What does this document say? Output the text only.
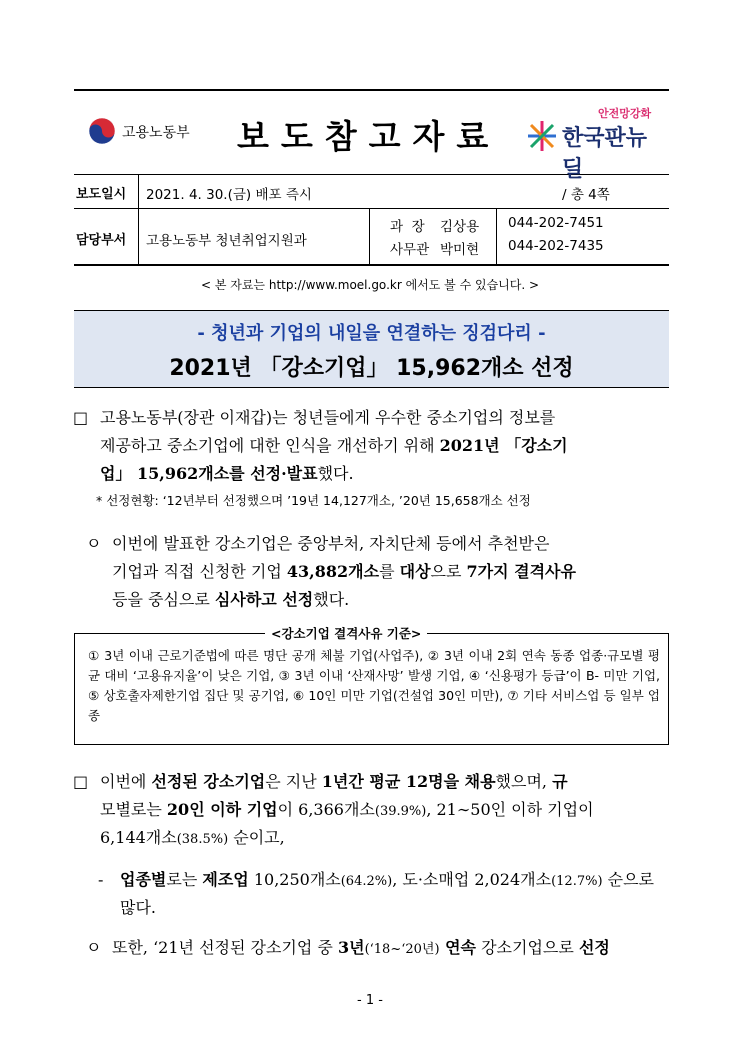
고용노동부 보도참고자료
안전망강화
한국판뉴딜
보도일시 2021. 4. 30.(금) 배포 즉시	/ 총 4쪽
담당부서 고용노동부 청년취업지원과
과  장 김상용
사무관 박미현
044-202-7451
044-202-7435
< 본 자료는 http://www.moel.go.kr 에서도 볼 수 있습니다. >
- 청년과 기업의 내일을 연결하는 징검다리 -
2021년 「강소기업」 15,962개소 선정
□ 고용노동부(장관 이재갑)는 청년들에게 우수한 중소기업의 정보를
제공하고 중소기업에 대한 인식을 개선하기 위해 2021년 「강소기
업」 15,962개소를 선정·발표했다.
* 선정현황: ‘12년부터 선정했으며 ’19년 14,127개소, ’20년 15,658개소 선정
ㅇ 이번에 발표한 강소기업은 중앙부처, 자치단체 등에서 추천받은
기업과 직접 신청한 기업 43,882개소를 대상으로 7가지 결격사유
등을 중심으로 심사하고 선정했다.
<강소기업 결격사유 기준>
① 3년 이내 근로기준법에 따른 명단 공개 체불 기업(사업주), ② 3년 이내 2회 연속 동종 업종·규모별 평균 대비 ‘고용유지율’이 낮은 기업, ③ 3년 이내 ‘산재사망’ 발생 기업, ④ ‘신용평가 등급’이 B- 미만 기업, ⑤ 상호출자제한기업 집단 및 공기업, ⑥ 10인 미만 기업(건설업 30인 미만), ⑦ 기타 서비스업 등 일부 업종
□ 이번에 선정된 강소기업은 지난 1년간 평균 12명을 채용했으며, 규
모별로는 20인 이하 기업이 6,366개소(39.9%), 21∼50인 이하 기업이
6,144개소(38.5%) 순이고,
- 업종별로는 제조업 10,250개소(64.2%), 도·소매업 2,024개소(12.7%) 순으로
많다.
ㅇ 또한, ‘21년 선정된 강소기업 중 3년(‘18~‘20년) 연속 강소기업으로 선정
- 1 -
